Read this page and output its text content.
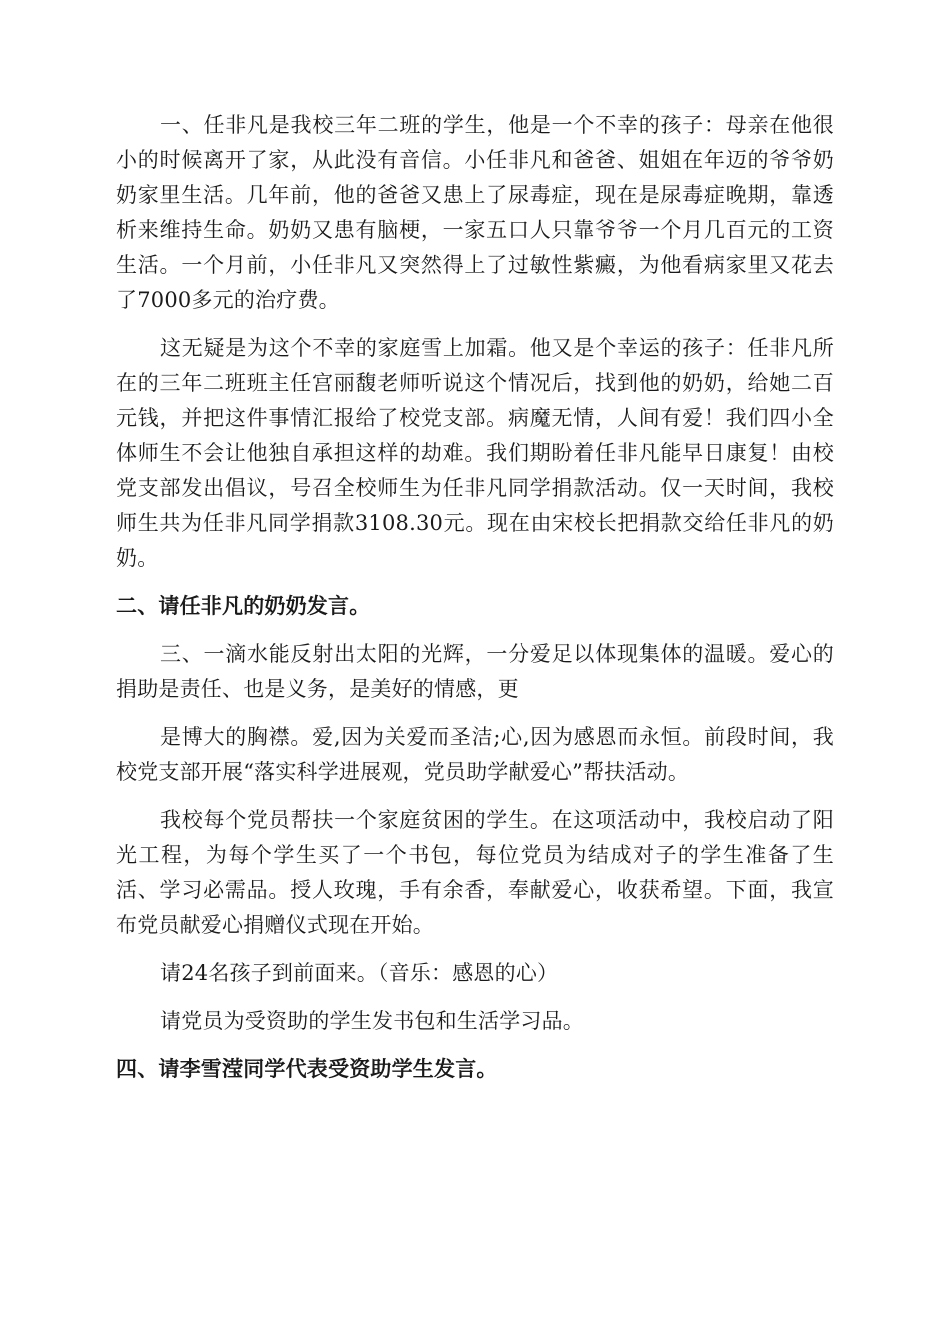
一、任非凡是我校三年二班的学生，他是一个不幸的孩子：母亲在他很小的时候离开了家，从此没有音信。小任非凡和爸爸、姐姐在年迈的爷爷奶奶家里生活。几年前，他的爸爸又患上了尿毒症，现在是尿毒症晚期，靠透析来维持生命。奶奶又患有脑梗，一家五口人只靠爷爷一个月几百元的工资生活。一个月前，小任非凡又突然得上了过敏性紫癜，为他看病家里又花去了7000多元的治疗费。

这无疑是为这个不幸的家庭雪上加霜。他又是个幸运的孩子：任非凡所在的三年二班班主任宫丽馥老师听说这个情况后，找到他的奶奶，给她二百元钱，并把这件事情汇报给了校党支部。病魔无情，人间有爱！我们四小全体师生不会让他独自承担这样的劫难。我们期盼着任非凡能早日康复！由校党支部发出倡议，号召全校师生为任非凡同学捐款活动。仅一天时间，我校师生共为任非凡同学捐款3108.30元。现在由宋校长把捐款交给任非凡的奶奶。

二、请任非凡的奶奶发言。

三、一滴水能反射出太阳的光辉，一分爱足以体现集体的温暖。爱心的捐助是责任、也是义务，是美好的情感，更

是博大的胸襟。爱,因为关爱而圣洁;心,因为感恩而永恒。前段时间，我校党支部开展“落实科学进展观，党员助学献爱心”帮扶活动。

我校每个党员帮扶一个家庭贫困的学生。在这项活动中，我校启动了阳光工程，为每个学生买了一个书包，每位党员为结成对子的学生准备了生活、学习必需品。授人玫瑰，手有余香，奉献爱心，收获希望。下面，我宣布党员献爱心捐赠仪式现在开始。

请24名孩子到前面来。（音乐：感恩的心）

请党员为受资助的学生发书包和生活学习品。

四、请李雪滢同学代表受资助学生发言。
